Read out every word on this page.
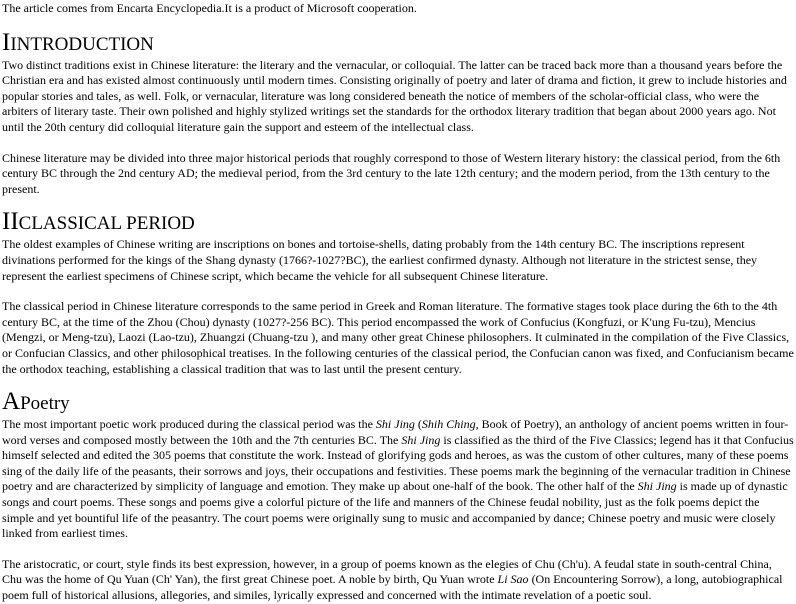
The article comes from Encarta Encyclopedia.It is a product of Microsoft cooperation.

IINTRODUCTION

Two distinct traditions exist in Chinese literature: the literary and the vernacular, or colloquial. The latter can be traced back more than a thousand years before the Christian era and has existed almost continuously until modern times. Consisting originally of poetry and later of drama and fiction, it grew to include histories and popular stories and tales, as well. Folk, or vernacular, literature was long considered beneath the notice of members of the scholar-official class, who were the arbiters of literary taste. Their own polished and highly stylized writings set the standards for the orthodox literary tradition that began about 2000 years ago. Not until the 20th century did colloquial literature gain the support and esteem of the intellectual class.

Chinese literature may be divided into three major historical periods that roughly correspond to those of Western literary history: the classical period, from the 6th century BC through the 2nd century AD; the medieval period, from the 3rd century to the late 12th century; and the modern period, from the 13th century to the present.

IICLASSICAL PERIOD

The oldest examples of Chinese writing are inscriptions on bones and tortoise-shells, dating probably from the 14th century BC. The inscriptions represent divinations performed for the kings of the Shang dynasty (1766?-1027?BC), the earliest confirmed dynasty. Although not literature in the strictest sense, they represent the earliest specimens of Chinese script, which became the vehicle for all subsequent Chinese literature.

The classical period in Chinese literature corresponds to the same period in Greek and Roman literature. The formative stages took place during the 6th to the 4th century BC, at the time of the Zhou (Chou) dynasty (1027?-256 BC). This period encompassed the work of Confucius (Kongfuzi, or K'ung Fu-tzu), Mencius (Mengzi, or Meng-tzu), Laozi (Lao-tzu), Zhuangzi (Chuang-tzu ), and many other great Chinese philosophers. It culminated in the compilation of the Five Classics, or Confucian Classics, and other philosophical treatises. In the following centuries of the classical period, the Confucian canon was fixed, and Confucianism became the orthodox teaching, establishing a classical tradition that was to last until the present century.

APoetry

The most important poetic work produced during the classical period was the Shi Jing (Shih Ching, Book of Poetry), an anthology of ancient poems written in four-word verses and composed mostly between the 10th and the 7th centuries BC. The Shi Jing is classified as the third of the Five Classics; legend has it that Confucius himself selected and edited the 305 poems that constitute the work. Instead of glorifying gods and heroes, as was the custom of other cultures, many of these poems sing of the daily life of the peasants, their sorrows and joys, their occupations and festivities. These poems mark the beginning of the vernacular tradition in Chinese poetry and are characterized by simplicity of language and emotion. They make up about one-half of the book. The other half of the Shi Jing is made up of dynastic songs and court poems. These songs and poems give a colorful picture of the life and manners of the Chinese feudal nobility, just as the folk poems depict the simple and yet bountiful life of the peasantry. The court poems were originally sung to music and accompanied by dance; Chinese poetry and music were closely linked from earliest times.

The aristocratic, or court, style finds its best expression, however, in a group of poems known as the elegies of Chu (Ch'u). A feudal state in south-central China, Chu was the home of Qu Yuan (Ch' Yan), the first great Chinese poet. A noble by birth, Qu Yuan wrote Li Sao (On Encountering Sorrow), a long, autobiographical poem full of historical allusions, allegories, and similes, lyrically expressed and concerned with the intimate revelation of a poetic soul.
